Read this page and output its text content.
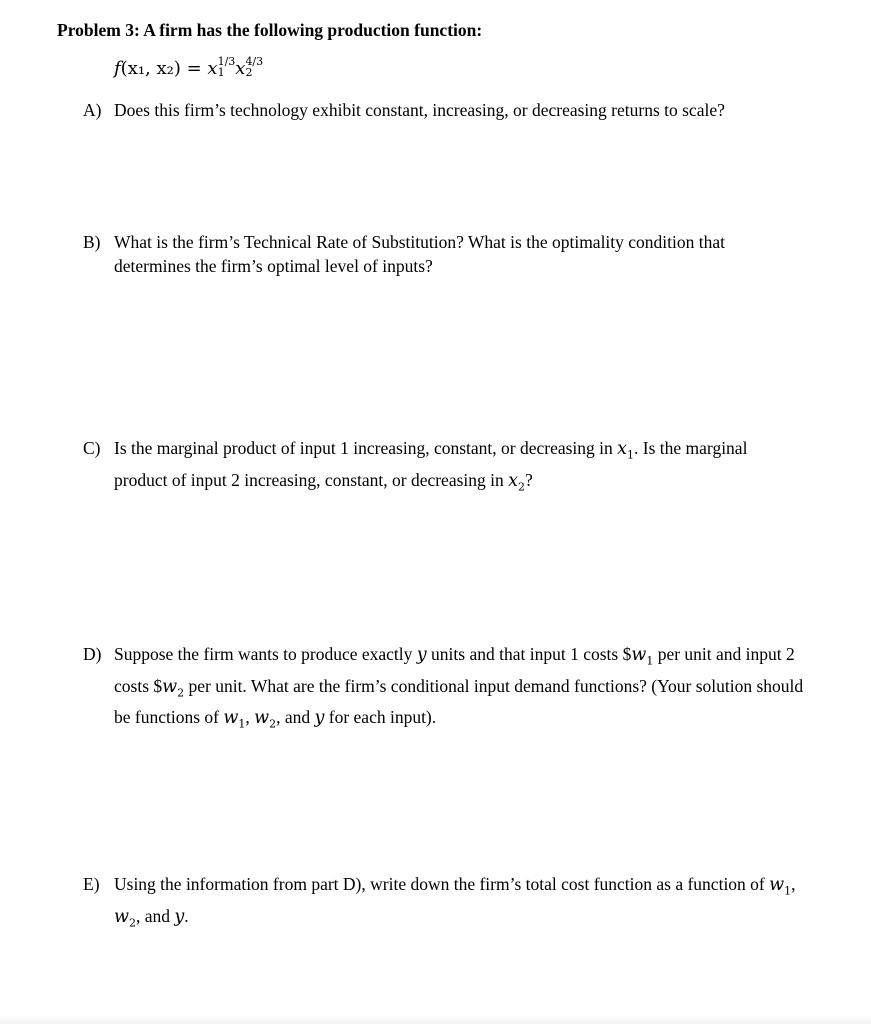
Problem 3: A firm has the following production function:
f(x₁, x₂) = x 1
1/3 x 2
4/3
A) Does this firm’s technology exhibit constant, increasing, or decreasing returns to scale?
B) What is the firm’s Technical Rate of Substitution? What is the optimality condition that determines the firm’s optimal level of inputs?
C) Is the marginal product of input 1 increasing, constant, or decreasing in $x_1$. Is the marginal product of input 2 increasing, constant, or decreasing in $x_2$?
D) Suppose the firm wants to produce exactly y units and that input 1 costs $\$w_1$ per unit and input 2 costs $\$w_2$ per unit. What are the firm’s conditional input demand functions? (Your solution should be functions of $w_1$, $w_2$, and y for each input).
E) Using the information from part D), write down the firm’s total cost function as a function of $w_1$, $w_2$, and y.
